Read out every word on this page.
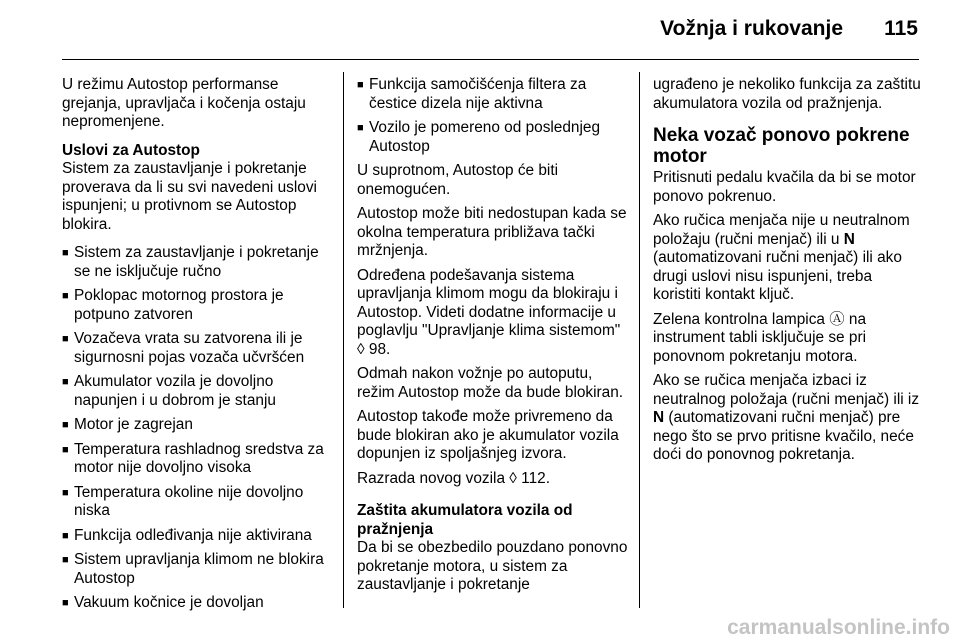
Vožnja i rukovanje 115

U režimu Autostop performanse grejanja, upravljača i kočenja ostaju nepromenjene.

Uslovi za Autostop

Sistem za zaustavljanje i pokretanje proverava da li su svi navedeni uslovi ispunjeni; u protivnom se Autostop blokira.

■ Sistem za zaustavljanje i pokretanje se ne isključuje ručno
■ Poklopac motornog prostora je potpuno zatvoren
■ Vozačeva vrata su zatvorena ili je sigurnosni pojas vozača učvršćen
■ Akumulator vozila je dovoljno napunjen i u dobrom je stanju
■ Motor je zagrejan
■ Temperatura rashladnog sredstva za motor nije dovoljno visoka
■ Temperatura okoline nije dovoljno niska
■ Funkcija odleđivanja nije aktivirana
■ Sistem upravljanja klimom ne blokira Autostop
■ Vakuum kočnice je dovoljan
■ Funkcija samočišćenja filtera za čestice dizela nije aktivna
■ Vozilo je pomereno od poslednjeg Autostop

U suprotnom, Autostop će biti onemogućen.

Autostop može biti nedostupan kada se okolna temperatura približava tački mržnjenja.

Određena podešavanja sistema upravljanja klimom mogu da blokiraju i Autostop. Videti dodatne informacije u poglavlju "Upravljanje klima sistemom" ◊ 98.

Odmah nakon vožnje po autoputu, režim Autostop može da bude blokiran.

Autostop takođe može privremeno da bude blokiran ako je akumulator vozila dopunjen iz spoljašnjeg izvora.

Razrada novog vozila ◊ 112.

Zaštita akumulatora vozila od pražnjenja

Da bi se obezbedilo pouzdano ponovno pokretanje motora, u sistem za zaustavljanje i pokretanje

ugrađeno je nekoliko funkcija za zaštitu akumulatora vozila od pražnjenja.

Neka vozač ponovo pokrene motor

Pritisnuti pedalu kvačila da bi se motor ponovo pokrenuo.

Ako ručica menjača nije u neutralnom položaju (ručni menjač) ili u N (automatizovani ručni menjač) ili ako drugi uslovi nisu ispunjeni, treba koristiti kontakt ključ.

Zelena kontrolna lampica Ⓐ na instrument tabli isključuje se pri ponovnom pokretanju motora.

Ako se ručica menjača izbaci iz neutralnog položaja (ručni menjač) ili iz N (automatizovani ručni menjač) pre nego što se prvo pritisne kvačilo, neće doći do ponovnog pokretanja.

carmanualsonline.info
